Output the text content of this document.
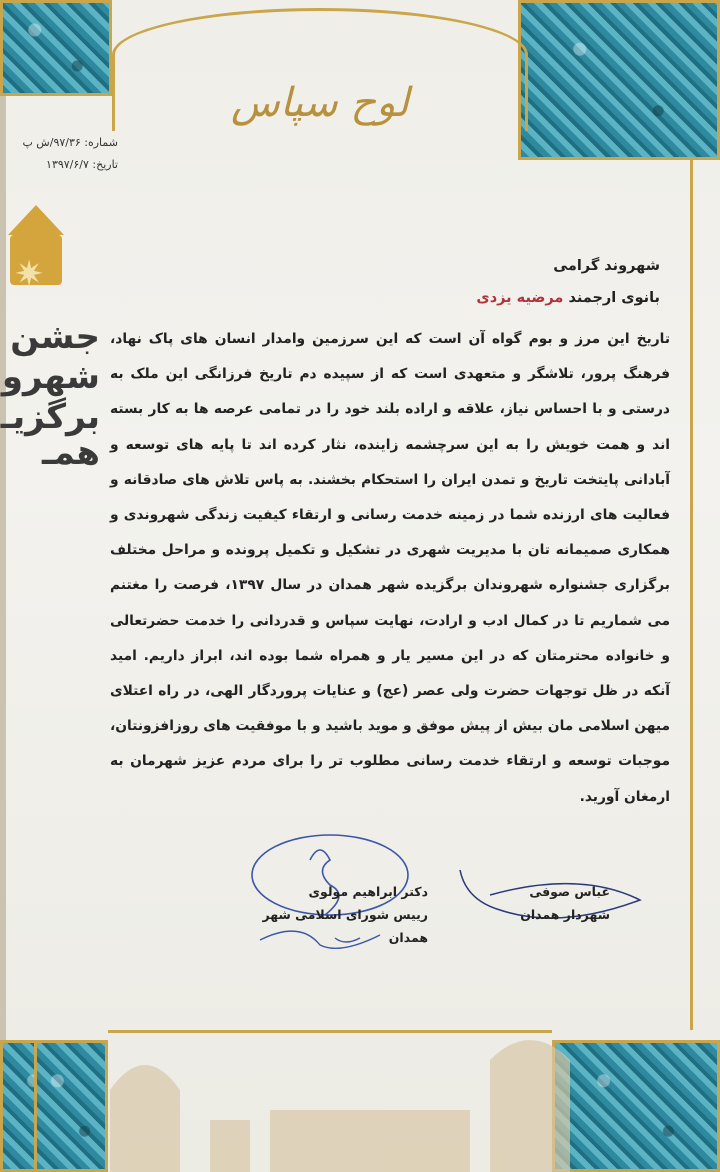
لوح سپاس
شماره: ۹۷/۳۶/ش پ
تاریخ: ۱۳۹۷/۶/۷
✷
جشن
شهرو
برگزیـ
همـ
شهروند گرامی
بانوی ارجمند مرضیه یزدی
تاریخ این مرز و بوم گواه آن است که این سرزمین وامدار انسان های پاک نهاد، فرهنگ پرور، تلاشگر و متعهدی است که از سپیده دم تاریخ فرزانگی این ملک به درستی و با احساس نیاز، علاقه و اراده بلند خود را در تمامی عرصه ها به کار بسته اند و همت خویش را به این سرچشمه زاینده، نثار کرده اند تا پایه های توسعه و آبادانی پایتخت تاریخ و تمدن ایران را استحکام بخشند. به پاس تلاش های صادقانه و فعالیت های ارزنده شما در زمینه خدمت رسانی و ارتقاء کیفیت زندگی شهروندی و همکاری صمیمانه تان با مدیریت شهری در تشکیل و تکمیل پرونده و مراحل مختلف برگزاری جشنواره شهروندان برگزیده شهر همدان در سال ۱۳۹۷، فرصت را مغتنم می شماریم تا در کمال ادب و ارادت، نهایت سپاس و قدردانی را خدمت حضرتعالی و خانواده محترمتان که در این مسیر یار و همراه شما بوده اند، ابراز داریم. امید آنکه در ظل توجهات حضرت ولی عصر (عج) و عنایات پروردگار الهی، در راه اعتلای میهن اسلامی مان بیش از پیش موفق و موید باشید و با موفقیت های روزافزونتان، موجبات توسعه و ارتقاء خدمت رسانی مطلوب تر را برای مردم عزیز شهرمان به ارمغان آورید.
دکتر ابراهیم مولوی
رییس شورای اسلامی شهر همدان
عباس صوفی
شهردار همدان
